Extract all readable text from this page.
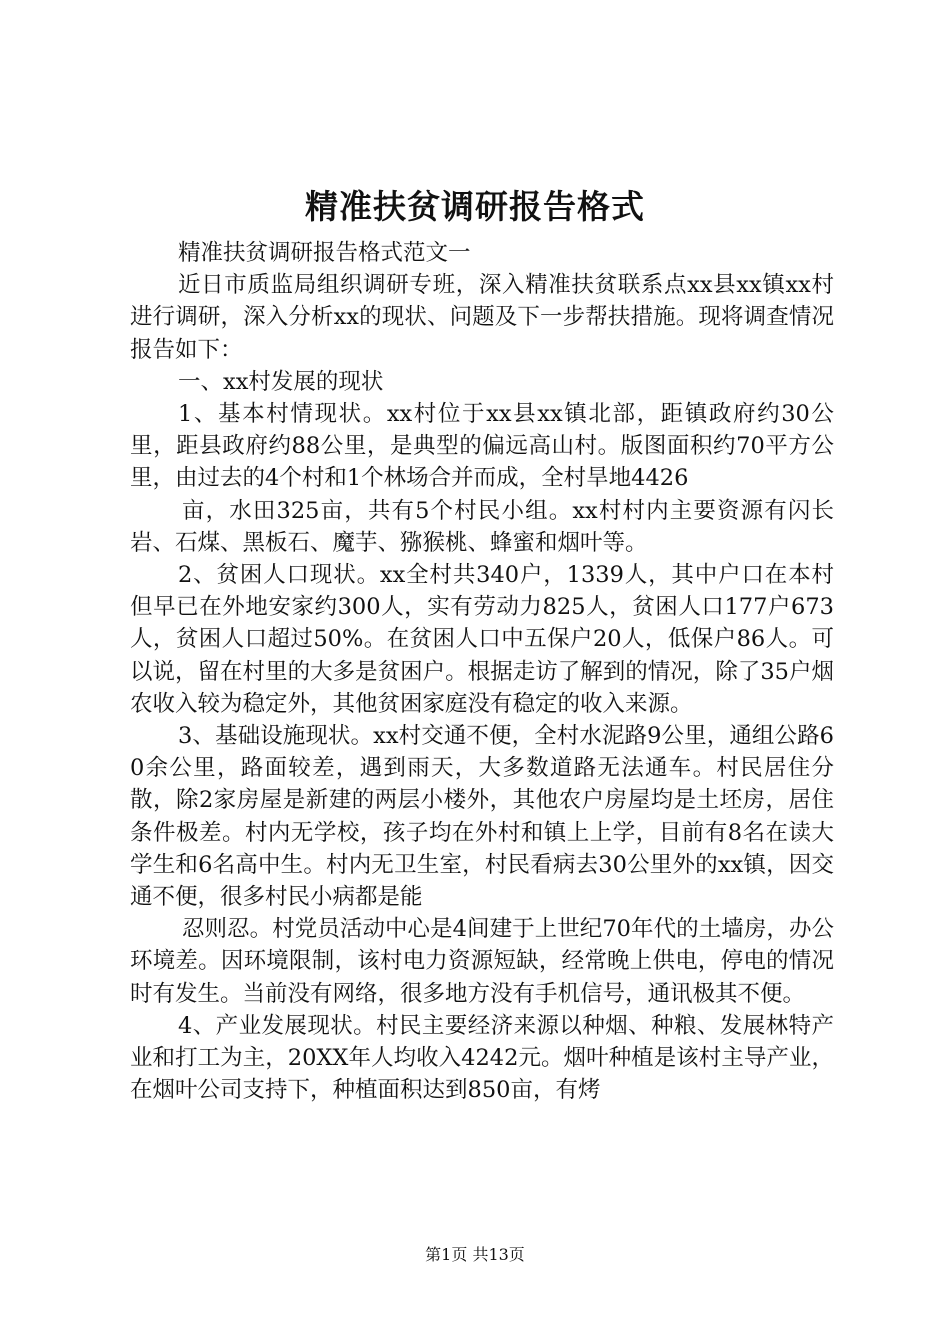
精准扶贫调研报告格式

精准扶贫调研报告格式范文一

近日市质监局组织调研专班，深入精准扶贫联系点xx县xx镇xx村进行调研，深入分析xx的现状、问题及下一步帮扶措施。现将调查情况报告如下：

一、xx村发展的现状

1、基本村情现状。xx村位于xx县xx镇北部，距镇政府约30公里，距县政府约88公里，是典型的偏远高山村。版图面积约70平方公里，由过去的4个村和1个林场合并而成，全村旱地4426

亩，水田325亩，共有5个村民小组。xx村村内主要资源有闪长岩、石煤、黑板石、魔芋、猕猴桃、蜂蜜和烟叶等。

2、贫困人口现状。xx全村共340户，1339人，其中户口在本村但早已在外地安家约300人，实有劳动力825人，贫困人口177户673人，贫困人口超过50%。在贫困人口中五保户20人，低保户86人。可以说，留在村里的大多是贫困户。根据走访了解到的情况，除了35户烟农收入较为稳定外，其他贫困家庭没有稳定的收入来源。

3、基础设施现状。xx村交通不便，全村水泥路9公里，通组公路60余公里，路面较差，遇到雨天，大多数道路无法通车。村民居住分散，除2家房屋是新建的两层小楼外，其他农户房屋均是土坯房，居住条件极差。村内无学校，孩子均在外村和镇上上学，目前有8名在读大学生和6名高中生。村内无卫生室，村民看病去30公里外的xx镇，因交通不便，很多村民小病都是能

忍则忍。村党员活动中心是4间建于上世纪70年代的土墙房，办公环境差。因环境限制，该村电力资源短缺，经常晚上供电，停电的情况时有发生。当前没有网络，很多地方没有手机信号，通讯极其不便。

4、产业发展现状。村民主要经济来源以种烟、种粮、发展林特产业和打工为主，20XX年人均收入4242元。烟叶种植是该村主导产业，在烟叶公司支持下，种植面积达到850亩，有烤

第1页 共13页
